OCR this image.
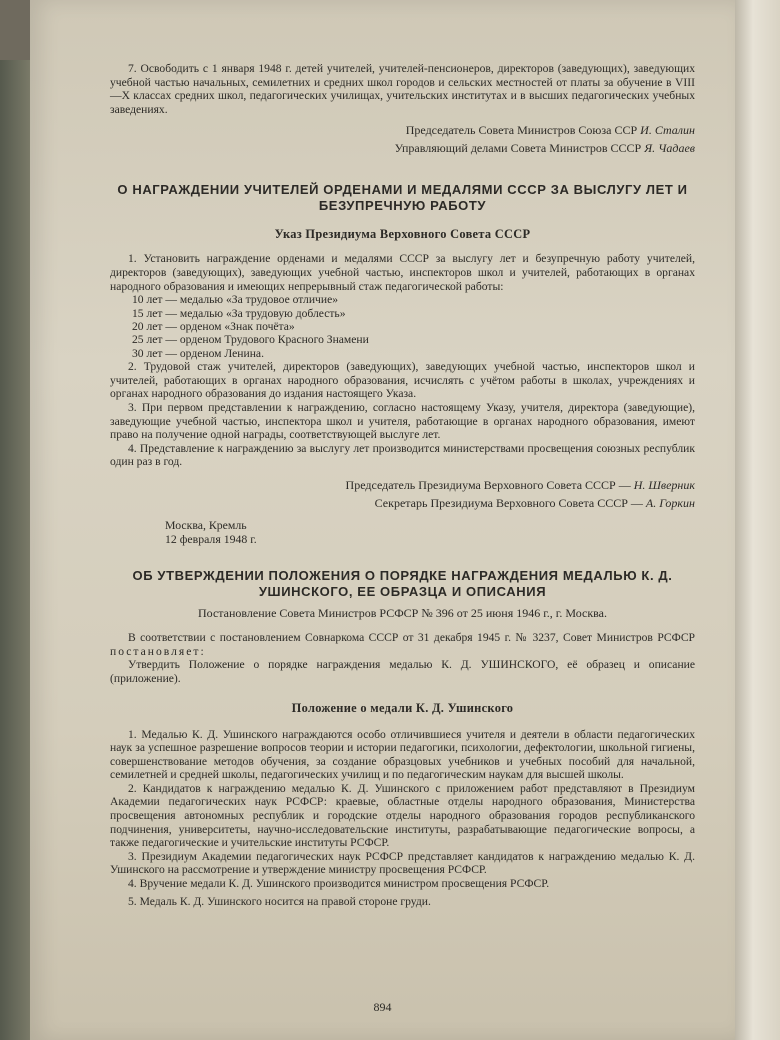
7. Освободить с 1 января 1948 г. детей учителей, учителей-пенсионеров, директоров (заведующих), заведующих учебной частью начальных, семилетних и средних школ городов и сельских местностей от платы за обучение в VIII—X классах средних школ, педагогических училищах, учительских институтах и в высших педагогических учебных заведениях.

Председатель Совета Министров Союза ССР И. Сталин
Управляющий делами Совета Министров СССР Я. Чадаев
О НАГРАЖДЕНИИ УЧИТЕЛЕЙ ОРДЕНАМИ И МЕДАЛЯМИ СССР ЗА ВЫСЛУГУ ЛЕТ И БЕЗУПРЕЧНУЮ РАБОТУ
Указ Президиума Верховного Совета СССР

1. Установить награждение орденами и медалями СССР за выслугу лет и безупречную работу учителей, директоров (заведующих), заведующих учебной частью, инспекторов школ и учителей, работающих в органах народного образования и имеющих непрерывный стаж педагогической работы:

10 лет — медалью «За трудовое отличие»
15 лет — медалью «За трудовую доблесть»
20 лет — орденом «Знак почёта»
25 лет — орденом Трудового Красного Знамени
30 лет — орденом Ленина.

2. Трудовой стаж учителей, директоров (заведующих), заведующих учебной частью, инспекторов школ и учителей, работающих в органах народного образования, исчислять с учётом работы в школах, учреждениях и органах народного образования до издания настоящего Указа.

3. При первом представлении к награждению, согласно настоящему Указу, учителя, директора (заведующие), заведующие учебной частью, инспектора школ и учителя, работающие в органах народного образования, имеют право на получение одной награды, соответствующей выслуге лет.

4. Представление к награждению за выслугу лет производится министерствами просвещения союзных республик один раз в год.

Председатель Президиума Верховного Совета СССР — Н. Шверник
Секретарь Президиума Верховного Совета СССР — А. Горкин
Москва, Кремль
12 февраля 1948 г.
ОБ УТВЕРЖДЕНИИ ПОЛОЖЕНИЯ О ПОРЯДКЕ НАГРАЖДЕНИЯ МЕДАЛЬЮ К. Д. УШИНСКОГО, ЕЕ ОБРАЗЦА И ОПИСАНИЯ
Постановление Совета Министров РСФСР № 396 от 25 июня 1946 г., г. Москва.

В соответствии с постановлением Совнаркома СССР от 31 декабря 1945 г. № 3237, Совет Министров РСФСР постановляет:

Утвердить Положение о порядке награждения медалью К. Д. УШИНСКОГО, её образец и описание (приложение).

Положение о медали К. Д. Ушинского

1. Медалью К. Д. Ушинского награждаются особо отличившиеся учителя и деятели в области педагогических наук за успешное разрешение вопросов теории и истории педагогики, психологии, дефектологии, школьной гигиены, совершенствование методов обучения, за создание образцовых учебников и учебных пособий для начальной, семилетней и средней школы, педагогических училищ и по педагогическим наукам для высшей школы.

2. Кандидатов к награждению медалью К. Д. Ушинского с приложением работ представляют в Президиум Академии педагогических наук РСФСР: краевые, областные отделы народного образования, Министерства просвещения автономных республик и городские отделы народного образования городов республиканского подчинения, университеты, научно-исследовательские институты, разрабатывающие педагогические вопросы, а также педагогические и учительские институты РСФСР.

3. Президиум Академии педагогических наук РСФСР представляет кандидатов к награждению медалью К. Д. Ушинского на рассмотрение и утверждение министру просвещения РСФСР.

4. Вручение медали К. Д. Ушинского производится министром просвещения РСФСР.

5. Медаль К. Д. Ушинского носится на правой стороне груди.

894
